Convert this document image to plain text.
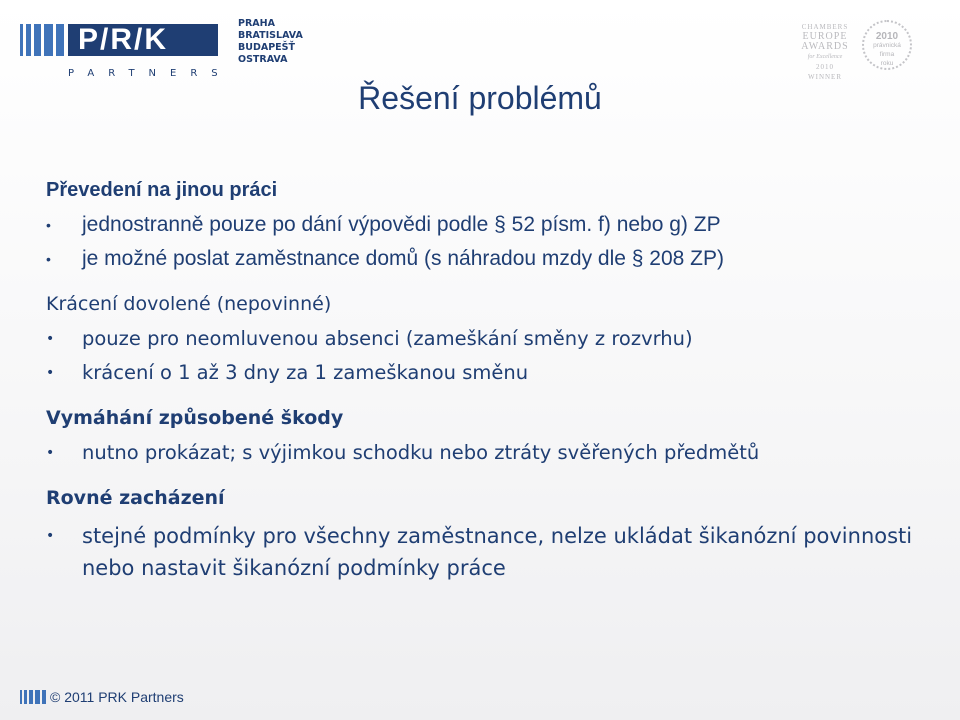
P/R/K
PARTNERS
PRAHA
BRATISLAVA
BUDAPEŠŤ
OSTRAVA
CHAMBERS
EUROPE
AWARDS
for Excellence
2010
WINNER
2010
právnická
firma
roku
Řešení problémů
Převedení na jinou práci
•	jednostranně pouze po dání výpovědi podle § 52 písm. f) nebo g) ZP
•	je možné poslat zaměstnance domů (s náhradou mzdy dle § 208 ZP)
Krácení dovolené (nepovinné)
•	pouze pro neomluvenou absenci (zameškání směny z rozvrhu)
•	krácení o 1 až 3 dny za 1 zameškanou směnu
Vymáhání způsobené škody
•	nutno prokázat; s výjimkou schodku nebo ztráty svěřených předmětů
Rovné zacházení
•	stejné podmínky pro všechny zaměstnance, nelze ukládat šikanózní povinnosti nebo nastavit šikanózní podmínky práce
© 2011 PRK Partners
